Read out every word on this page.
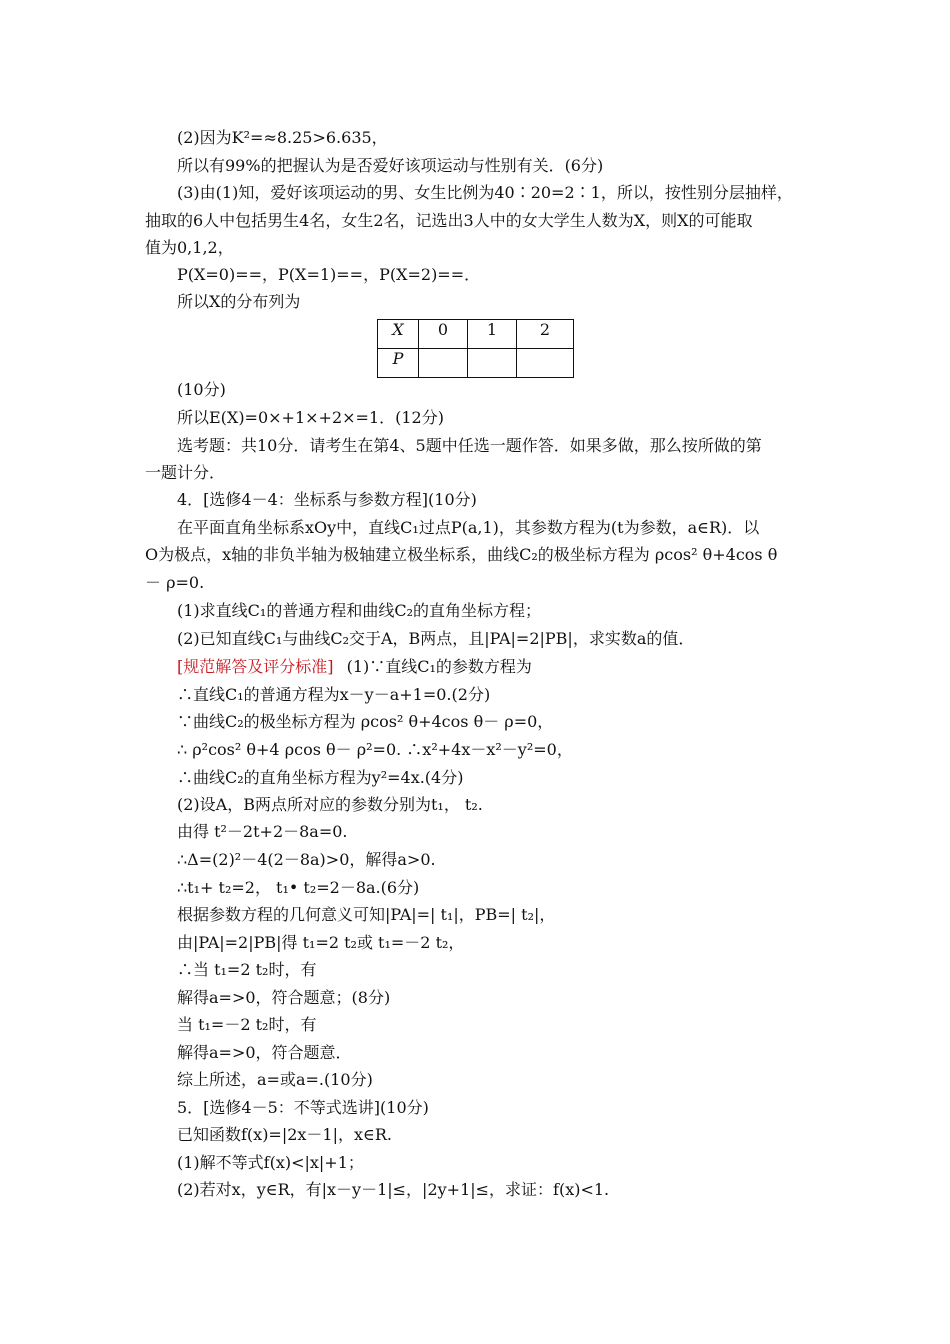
(2)因为K²=≈8.25>6.635，
所以有99%的把握认为是否爱好该项运动与性别有关．(6分)
(3)由(1)知，爱好该项运动的男、女生比例为40∶20=2∶1，所以，按性别分层抽样，
抽取的6人中包括男生4名，女生2名，记选出3人中的女大学生人数为X，则X的可能取
值为0,1,2，
P(X=0)==，P(X=1)==，P(X=2)==．
所以X的分布列为
X	0	1	2
P			
(10分)
所以E(X)=0×+1×+2×=1．(12分)
选考题：共10分．请考生在第4、5题中任选一题作答．如果多做，那么按所做的第
一题计分．
4．[选修4－4：坐标系与参数方程](10分)
在平面直角坐标系xOy中，直线C₁过点P(a,1)，其参数方程为(t为参数，a∈R)．以
O为极点，x轴的非负半轴为极轴建立极坐标系，曲线C₂的极坐标方程为 ρcos² θ+4cos θ
－ ρ=0.
(1)求直线C₁的普通方程和曲线C₂的直角坐标方程；
(2)已知直线C₁与曲线C₂交于A，B两点，且|PA|=2|PB|，求实数a的值．
[规范解答及评分标准] (1)∵直线C₁的参数方程为
∴直线C₁的普通方程为x－y－a+1=0.(2分)
∵曲线C₂的极坐标方程为 ρcos² θ+4cos θ－ ρ=0，
∴ ρ²cos² θ+4 ρcos θ－ ρ²=0. ∴x²+4x－x²－y²=0，
∴曲线C₂的直角坐标方程为y²=4x.(4分)
(2)设A，B两点所对应的参数分别为t₁， t₂.
由得 t²－2t+2－8a=0.
∴Δ=(2)²－4(2－8a)>0，解得a>0.
∴t₁+ t₂=2， t₁• t₂=2－8a.(6分)
根据参数方程的几何意义可知|PA|=| t₁|，PB=| t₂|，
由|PA|=2|PB|得 t₁=2 t₂或 t₁=－2 t₂，
∴当 t₁=2 t₂时，有
解得a=>0，符合题意；(8分)
当 t₁=－2 t₂时，有
解得a=>0，符合题意．
综上所述，a=或a=.(10分)
5．[选修4－5：不等式选讲](10分)
已知函数f(x)=|2x－1|，x∈R.
(1)解不等式f(x)<|x|+1；
(2)若对x，y∈R，有|x－y－1|≤，|2y+1|≤，求证：f(x)<1.
